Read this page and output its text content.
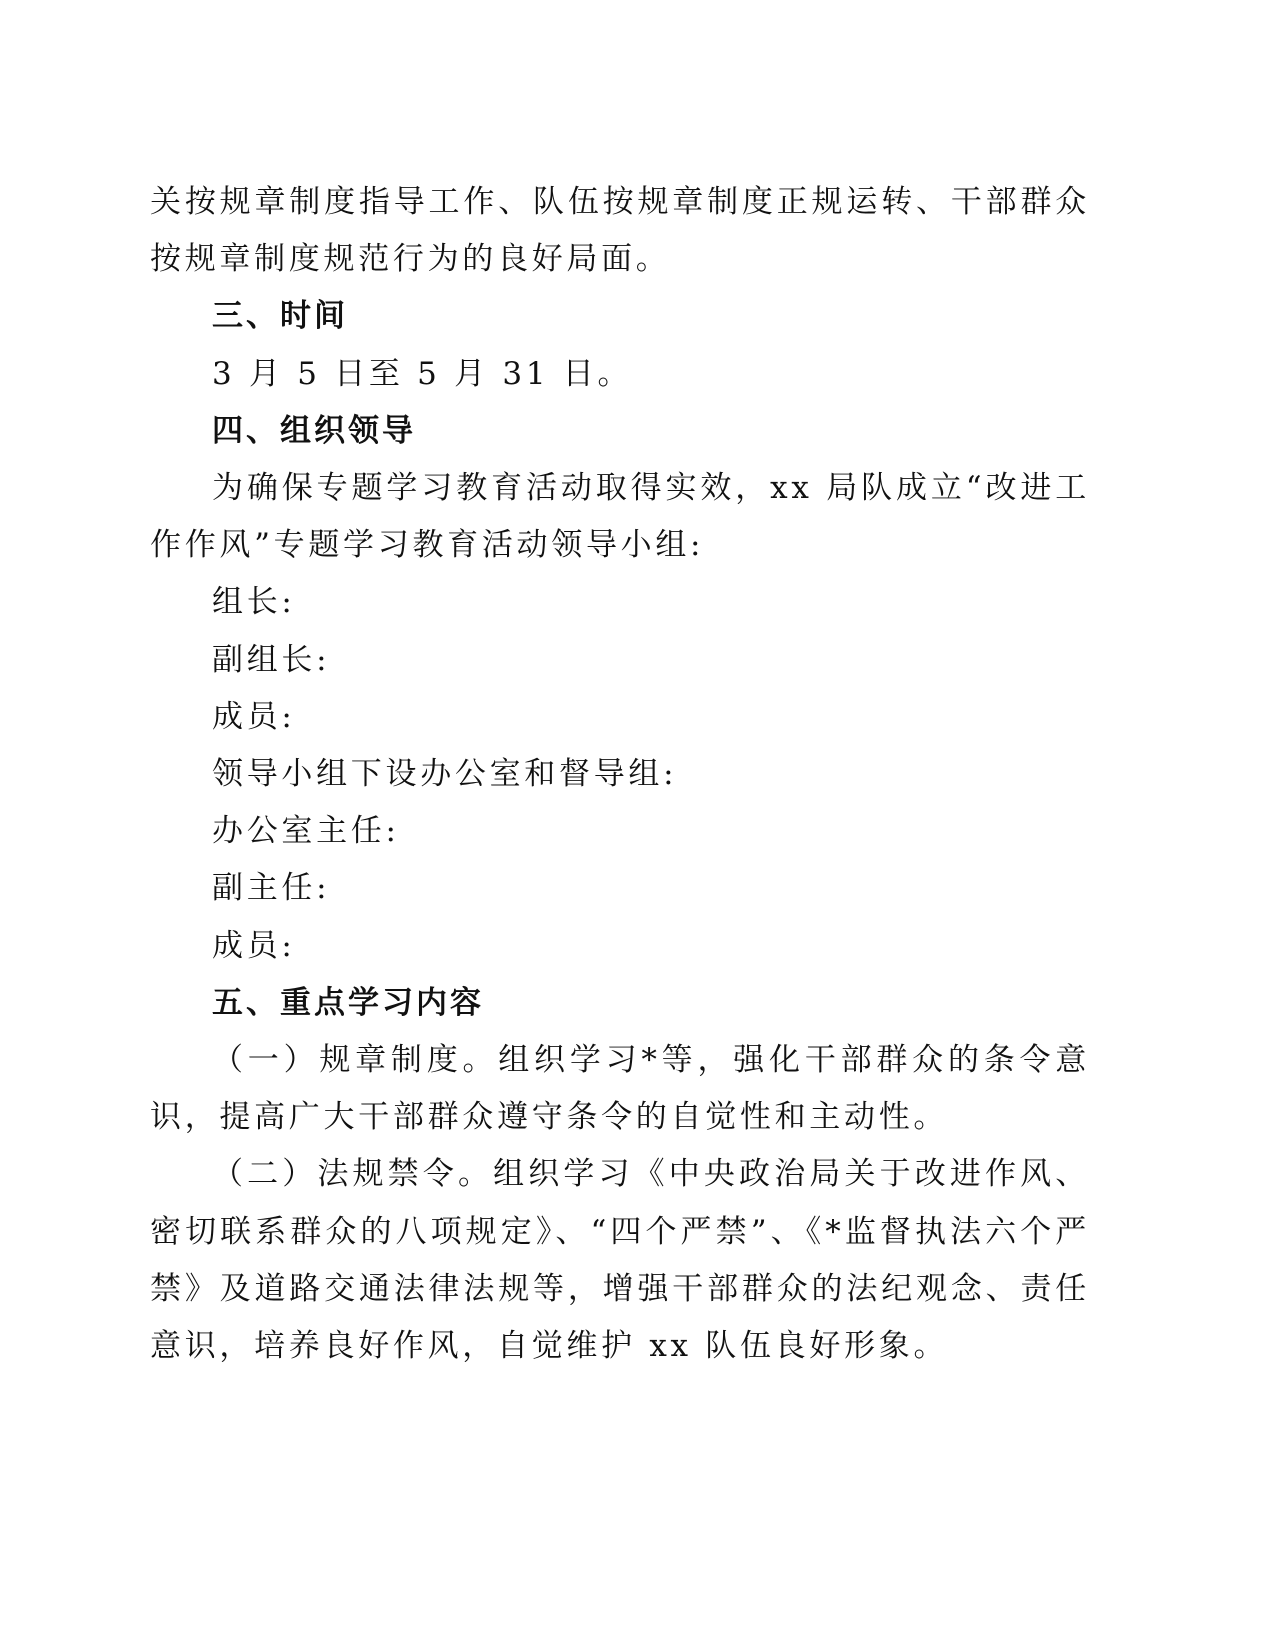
关按规章制度指导工作、队伍按规章制度正规运转、干部群众按规章制度规范行为的良好局面。

三、时间

3 月 5 日至 5 月 31 日。

四、组织领导

为确保专题学习教育活动取得实效，xx 局队成立“改进工作作风”专题学习教育活动领导小组:

组长:

副组长:

成员:

领导小组下设办公室和督导组:

办公室主任:

副主任:

成员:

五、重点学习内容

（一）规章制度。组织学习*等，强化干部群众的条令意识，提高广大干部群众遵守条令的自觉性和主动性。

（二）法规禁令。组织学习《中央政治局关于改进作风、密切联系群众的八项规定》、“四个严禁”、《*监督执法六个严禁》及道路交通法律法规等，增强干部群众的法纪观念、责任意识，培养良好作风，自觉维护 xx 队伍良好形象。
